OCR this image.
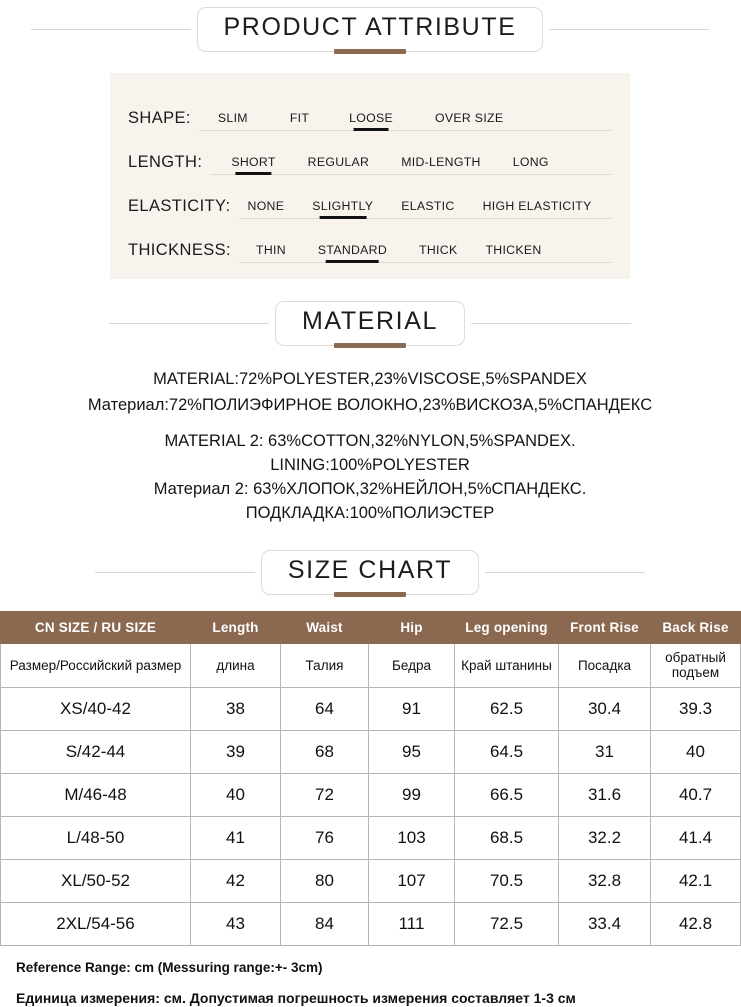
PRODUCT ATTRIBUTE
SHAPE: SLIM	FIT	LOOSE	OVER SIZE
LENGTH: SHORT	REGULAR	MID-LENGTH	LONG
ELASTICITY: NONE SLIGHTLY ELASTIC HIGH ELASTICITY
THICKNESS: THIN	STANDARD	THICK THICKEN
MATERIAL
MATERIAL:72%POLYESTER,23%VISCOSE,5%SPANDEX
Материал:72%ПОЛИЭФИРНОЕ ВОЛОКНО,23%ВИСКОЗА,5%СПАНДЕКС
MATERIAL 2: 63%COTTON,32%NYLON,5%SPANDEX.
LINING:100%POLYESTER
Материал 2: 63%ХЛОПОК,32%НЕЙЛОН,5%СПАНДЕКС.
ПОДКЛАДКА:100%ПОЛИЭСТЕР
SIZE CHART
CN SIZE / RU SIZE	Length	Waist	Hip	Leg opening	Front Rise	Back Rise
Размер/Российский размер	длина	Талия	Бедра	Край штанины	Посадка	обратный подъем
XS/40-42	38	64	91	62.5	30.4	39.3
S/42-44	39	68	95	64.5	31	40
M/46-48	40	72	99	66.5	31.6	40.7
L/48-50	41	76	103	68.5	32.2	41.4
XL/50-52	42	80	107	70.5	32.8	42.1
2XL/54-56	43	84	111	72.5	33.4	42.8
Reference Range: cm (Messuring range:+- 3cm)
Единица измерения: см. Допустимая погрешность измерения составляет 1-3 см
